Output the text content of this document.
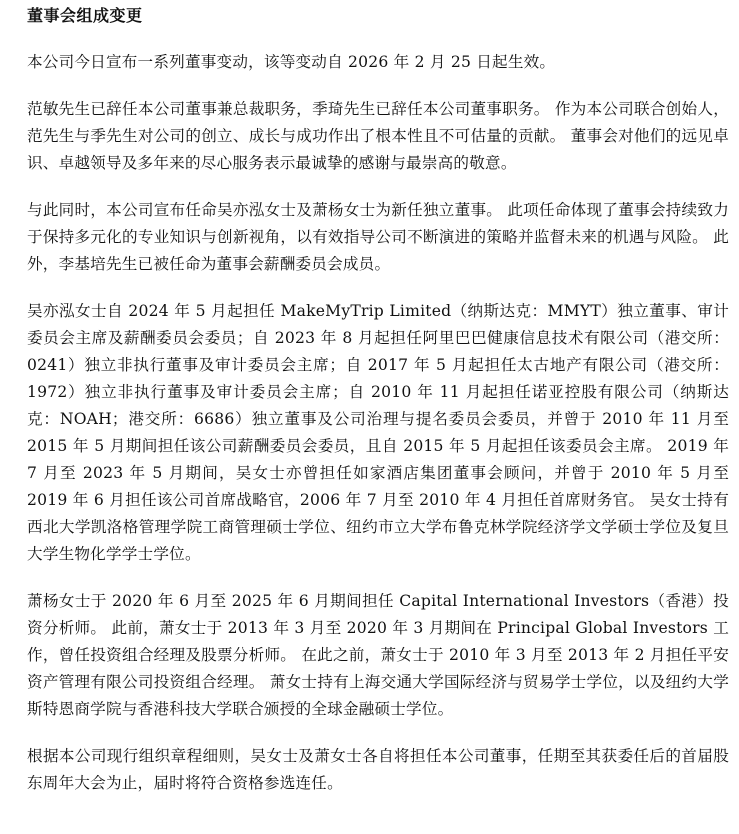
董事会组成变更

本公司今日宣布一系列董事变动，该等变动自 2026 年 2 月 25 日起生效。

范敏先生已辞任本公司董事兼总裁职务，季琦先生已辞任本公司董事职务。 作为本公司联合创始人，范先生与季先生对公司的创立、成长与成功作出了根本性且不可估量的贡献。 董事会对他们的远见卓识、卓越领导及多年来的尽心服务表示最诚挚的感谢与最崇高的敬意。

与此同时，本公司宣布任命吴亦泓女士及萧杨女士为新任独立董事。 此项任命体现了董事会持续致力于保持多元化的专业知识与创新视角，以有效指导公司不断演进的策略并监督未来的机遇与风险。 此外，李基培先生已被任命为董事会薪酬委员会成员。

吴亦泓女士自 2024 年 5 月起担任 MakeMyTrip Limited（纳斯达克：MMYT）独立董事、审计委员会主席及薪酬委员会委员；自 2023 年 8 月起担任阿里巴巴健康信息技术有限公司（港交所：0241）独立非执行董事及审计委员会主席；自 2017 年 5 月起担任太古地产有限公司（港交所：1972）独立非执行董事及审计委员会主席；自 2010 年 11 月起担任诺亚控股有限公司（纳斯达克：NOAH；港交所：6686）独立董事及公司治理与提名委员会委员，并曾于 2010 年 11 月至 2015 年 5 月期间担任该公司薪酬委员会委员，且自 2015 年 5 月起担任该委员会主席。 2019 年 7 月至 2023 年 5 月期间，吴女士亦曾担任如家酒店集团董事会顾问，并曾于 2010 年 5 月至 2019 年 6 月担任该公司首席战略官，2006 年 7 月至 2010 年 4 月担任首席财务官。 吴女士持有西北大学凯洛格管理学院工商管理硕士学位、纽约市立大学布鲁克林学院经济学文学硕士学位及复旦大学生物化学学士学位。

萧杨女士于 2020 年 6 月至 2025 年 6 月期间担任 Capital International Investors（香港）投资分析师。 此前，萧女士于 2013 年 3 月至 2020 年 3 月期间在 Principal Global Investors 工作，曾任投资组合经理及股票分析师。 在此之前，萧女士于 2010 年 3 月至 2013 年 2 月担任平安资产管理有限公司投资组合经理。 萧女士持有上海交通大学国际经济与贸易学士学位，以及纽约大学斯特恩商学院与香港科技大学联合颁授的全球金融硕士学位。

根据本公司现行组织章程细则，吴女士及萧女士各自将担任本公司董事，任期至其获委任后的首届股东周年大会为止，届时将符合资格参选连任。
